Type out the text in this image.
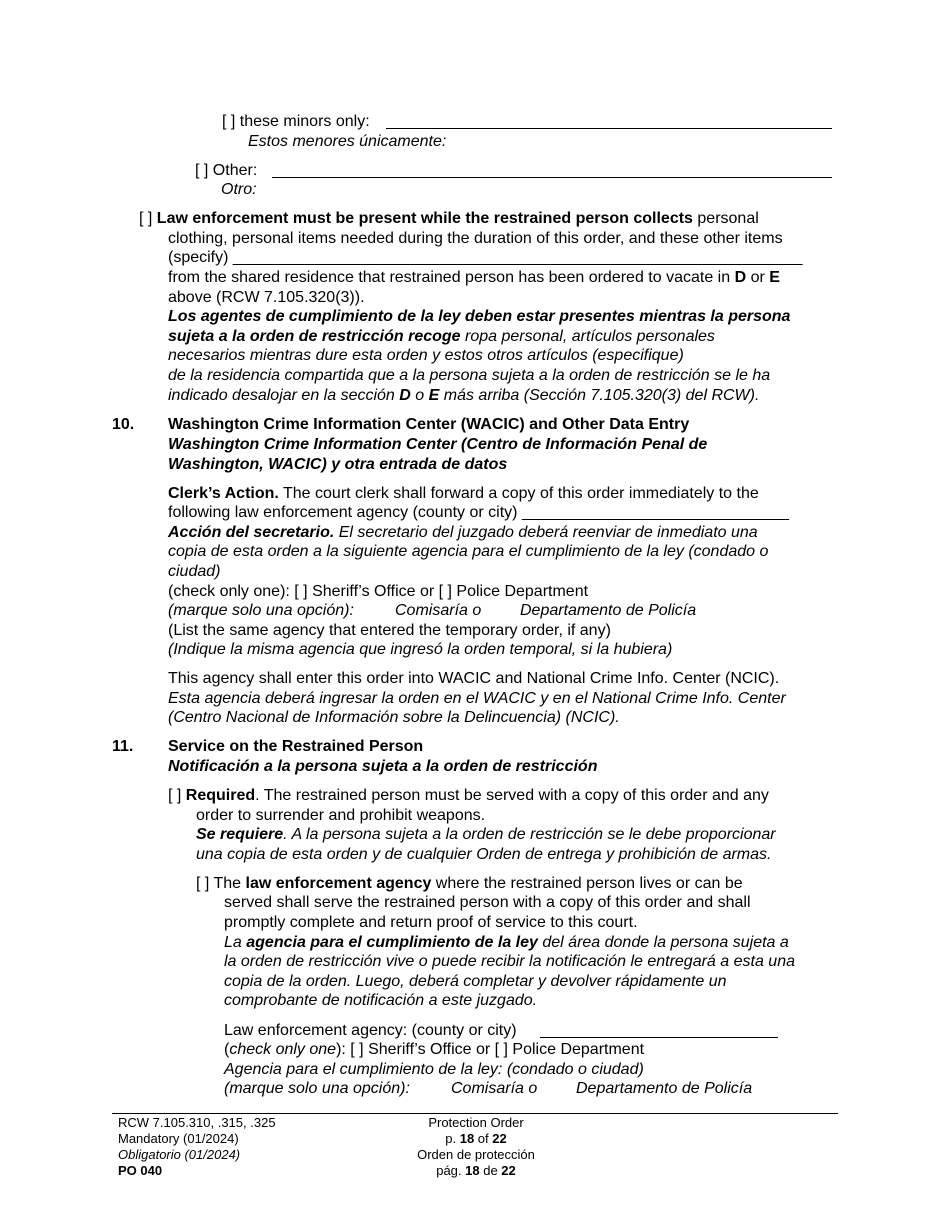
[ ] these minors only:
Estos menores únicamente:
[ ] Other:
Otro:
[ ] Law enforcement must be present while the restrained person collects personal
clothing, personal items needed during the duration of this order, and these other items
(specify) ________________________________________________________________
from the shared residence that restrained person has been ordered to vacate in D or E
above (RCW 7.105.320(3)).
Los agentes de cumplimiento de la ley deben estar presentes mientras la persona
sujeta a la orden de restricción recoge ropa personal, artículos personales
necesarios mientras dure esta orden y estos otros artículos (especifique)
de la residencia compartida que a la persona sujeta a la orden de restricción se le ha
indicado desalojar en la sección D o E más arriba (Sección 7.105.320(3) del RCW).
10. Washington Crime Information Center (WACIC) and Other Data Entry
Washington Crime Information Center (Centro de Información Penal de
Washington, WACIC) y otra entrada de datos
Clerk’s Action. The court clerk shall forward a copy of this order immediately to the
following law enforcement agency (county or city) ______________________________
Acción del secretario. El secretario del juzgado deberá reenviar de inmediato una
copia de esta orden a la siguiente agencia para el cumplimiento de la ley (condado o
ciudad)
(check only one): [ ] Sheriff’s Office or [ ] Police Department
(marque solo una opción):	Comisaría o Departamento de Policía
(List the same agency that entered the temporary order, if any)
(Indique la misma agencia que ingresó la orden temporal, si la hubiera)
This agency shall enter this order into WACIC and National Crime Info. Center (NCIC).
Esta agencia deberá ingresar la orden en el WACIC y en el National Crime Info. Center
(Centro Nacional de Información sobre la Delincuencia) (NCIC).
11. Service on the Restrained Person
Notificación a la persona sujeta a la orden de restricción
[ ] Required. The restrained person must be served with a copy of this order and any
order to surrender and prohibit weapons.
Se requiere. A la persona sujeta a la orden de restricción se le debe proporcionar
una copia de esta orden y de cualquier Orden de entrega y prohibición de armas.
[ ] The law enforcement agency where the restrained person lives or can be
served shall serve the restrained person with a copy of this order and shall
promptly complete and return proof of service to this court.
La agencia para el cumplimiento de la ley del área donde la persona sujeta a
la orden de restricción vive o puede recibir la notificación le entregará a esta una
copia de la orden. Luego, deberá completar y devolver rápidamente un
comprobante de notificación a este juzgado.
Law enforcement agency: (county or city)
(check only one): [ ] Sheriff’s Office or [ ] Police Department
Agencia para el cumplimiento de la ley: (condado o ciudad)
(marque solo una opción):	Comisaría o Departamento de Policía
RCW 7.105.310, .315, .325
Mandatory (01/2024)
Obligatorio (01/2024)
PO 040
Protection Order
p. 18 of 22
Orden de protección
pág. 18 de 22
